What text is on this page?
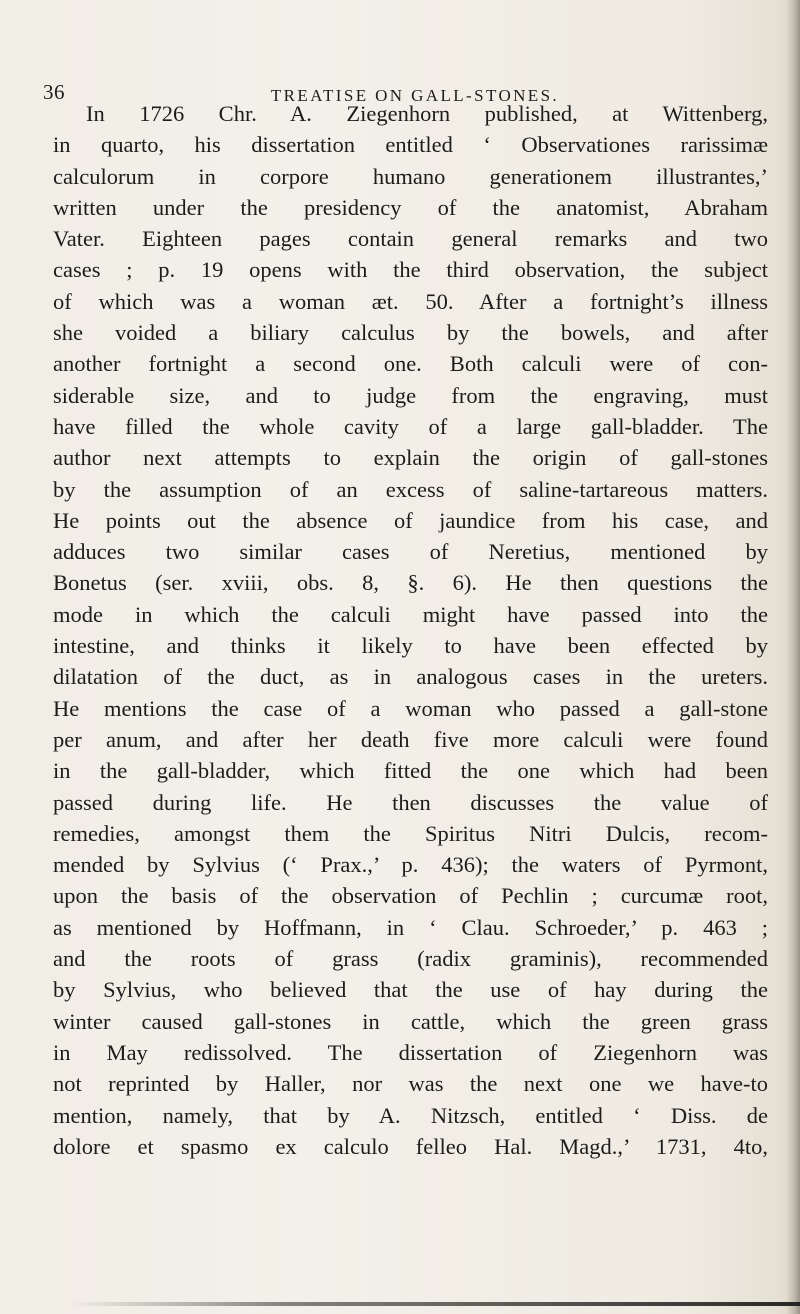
36	TREATISE ON GALL-STONES.
In 1726 Chr. A. Ziegenhorn published, at Wittenberg,
in quarto, his dissertation entitled ‘ Observationes rarissimæ
calculorum in corpore humano generationem illustrantes,’
written under the presidency of the anatomist, Abraham
Vater. Eighteen pages contain general remarks and two
cases ; p. 19 opens with the third observation, the subject
of which was a woman æt. 50. After a fortnight’s illness
she voided a biliary calculus by the bowels, and after
another fortnight a second one. Both calculi were of con-
siderable size, and to judge from the engraving, must
have filled the whole cavity of a large gall-bladder. The
author next attempts to explain the origin of gall-stones
by the assumption of an excess of saline-tartareous matters.
He points out the absence of jaundice from his case, and
adduces two similar cases of Neretius, mentioned by
Bonetus (ser. xviii, obs. 8, §. 6). He then questions the
mode in which the calculi might have passed into the
intestine, and thinks it likely to have been effected by
dilatation of the duct, as in analogous cases in the ureters.
He mentions the case of a woman who passed a gall-stone
per anum, and after her death five more calculi were found
in the gall-bladder, which fitted the one which had been
passed during life. He then discusses the value of
remedies, amongst them the Spiritus Nitri Dulcis, recom-
mended by Sylvius (‘ Prax.,’ p. 436); the waters of Pyrmont,
upon the basis of the observation of Pechlin ; curcumæ root,
as mentioned by Hoffmann, in ‘ Clau. Schroeder,’ p. 463 ;
and the roots of grass (radix graminis), recommended
by Sylvius, who believed that the use of hay during the
winter caused gall-stones in cattle, which the green grass
in May redissolved. The dissertation of Ziegenhorn was
not reprinted by Haller, nor was the next one we have-to
mention, namely, that by A. Nitzsch, entitled ‘ Diss. de
dolore et spasmo ex calculo felleo Hal. Magd.,’ 1731, 4to,
